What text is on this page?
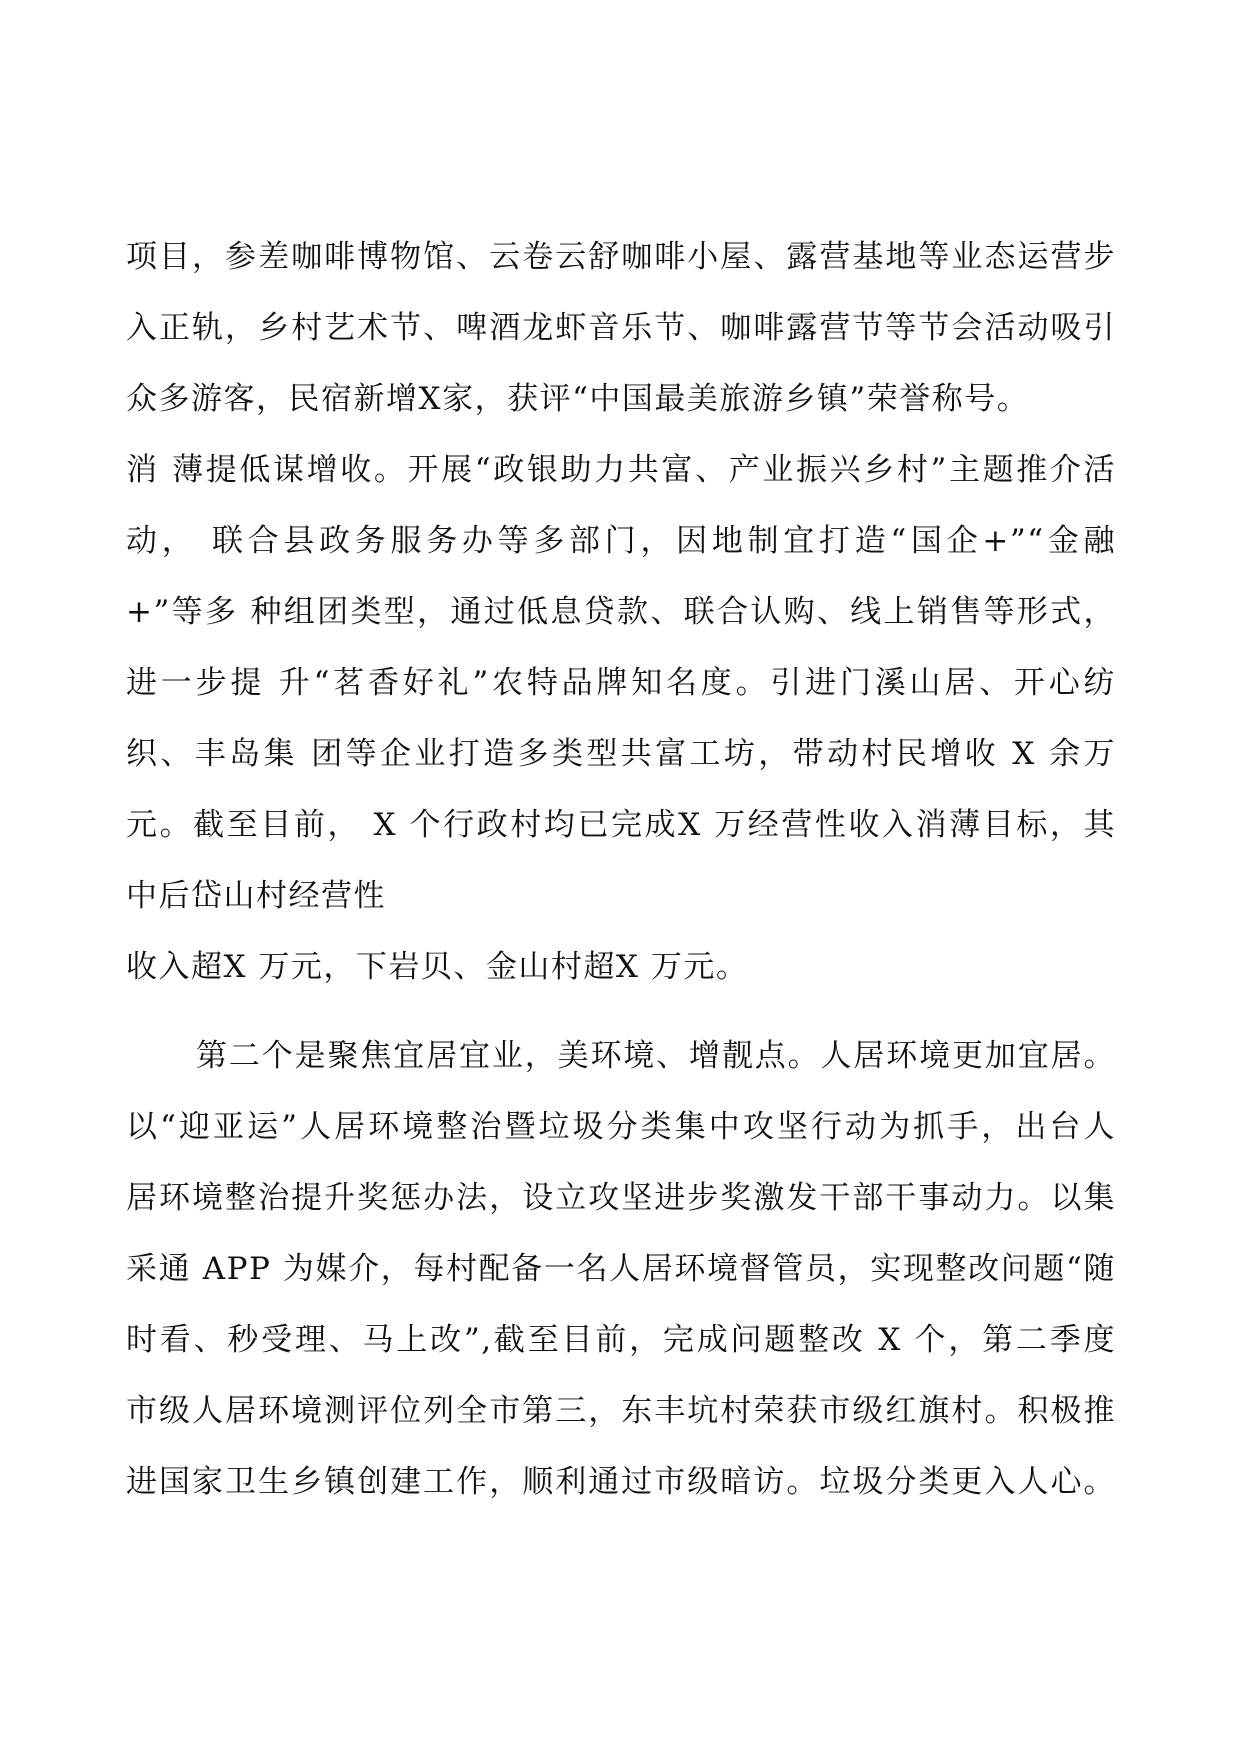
项目，参差咖啡博物馆、云卷云舒咖啡小屋、露营基地等业态运营步
入正轨，乡村艺术节、啤酒龙虾音乐节、咖啡露营节等节会活动吸引
众多游客，民宿新增X家，获评“中国最美旅游乡镇”荣誉称号。
消 薄提低谋增收。开展“政银助力共富、产业振兴乡村”主题推介活
动， 联合县政务服务办等多部门，因地制宜打造“国企+”“金融
+”等多 种组团类型，通过低息贷款、联合认购、线上销售等形式，
进一步提 升“茗香好礼”农特品牌知名度。引进门溪山居、开心纺
织、丰岛集 团等企业打造多类型共富工坊，带动村民增收 X 余万
元。截至目前， X 个行政村均已完成X 万经营性收入消薄目标，其
中后岱山村经营性
收入超X 万元，下岩贝、金山村超X 万元。
第二个是聚焦宜居宜业，美环境、增靓点。人居环境更加宜居。
以“迎亚运”人居环境整治暨垃圾分类集中攻坚行动为抓手，出台人
居环境整治提升奖惩办法，设立攻坚进步奖激发干部干事动力。以集
采通 APP 为媒介，每村配备一名人居环境督管员，实现整改问题“随
时看、秒受理、马上改”,截至目前，完成问题整改 X 个，第二季度
市级人居环境测评位列全市第三，东丰坑村荣获市级红旗村。积极推
进国家卫生乡镇创建工作，顺利通过市级暗访。垃圾分类更入人心。
